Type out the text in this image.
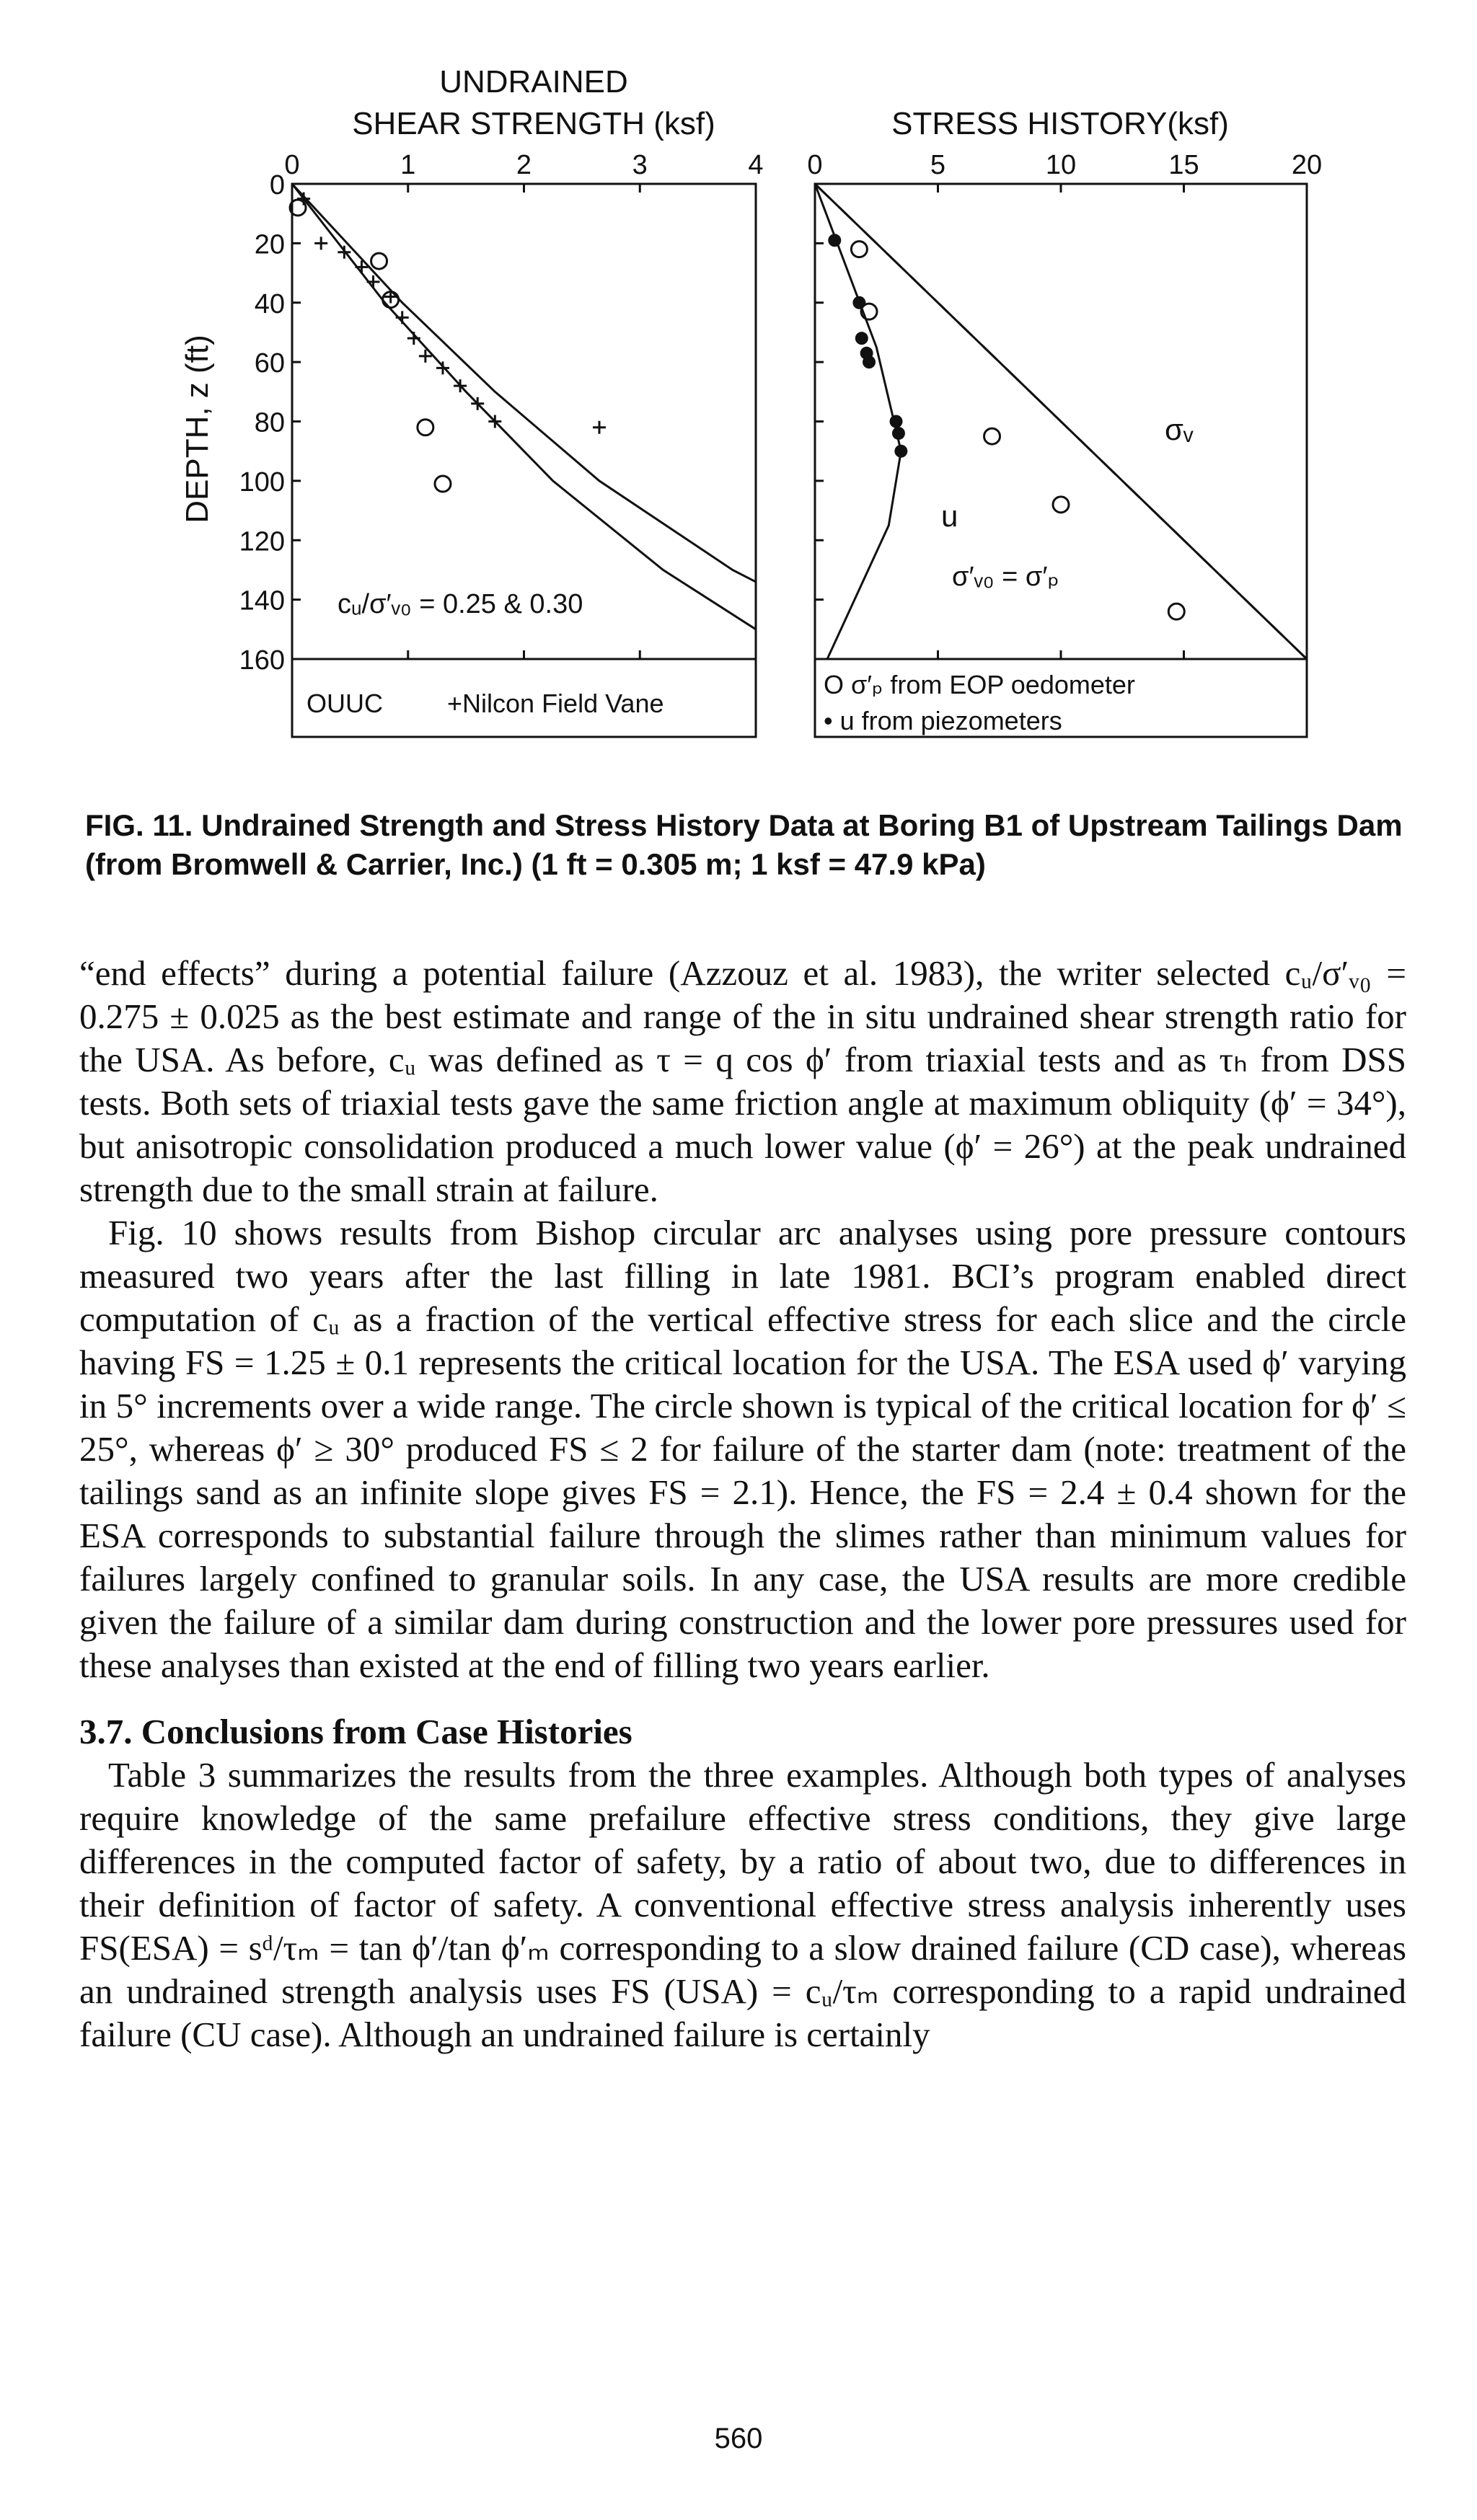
UNDRAINED
SHEAR STRENGTH (ksf)	STRESS HISTORY(ksf)
DEPTH, z (ft)
0	1	2	3	4
0
20
40
60
80
100
120
140
160
0	5	10	15	20
cᵤ/σ′ᵥ₀ = 0.25 & 0.30
OUUC +Nilcon Field Vane
σᵥ
u
σ′ᵥ₀ = σ′ₚ
O σ′ₚ from EOP oedometer
• u from piezometers
FIG. 11. Undrained Strength and Stress History Data at Boring B1 of Upstream Tailings Dam (from Bromwell & Carrier, Inc.) (1 ft = 0.305 m; 1 ksf = 47.9 kPa)

“end effects” during a potential failure (Azzouz et al. 1983), the writer selected cᵤ/σ′ᵥ₀ = 0.275 ± 0.025 as the best estimate and range of the in situ undrained shear strength ratio for the USA. As before, cᵤ was defined as τ = q cos ϕ′ from triaxial tests and as τₕ from DSS tests. Both sets of triaxial tests gave the same friction angle at maximum obliquity (ϕ′ = 34°), but anisotropic consolidation produced a much lower value (ϕ′ = 26°) at the peak undrained strength due to the small strain at failure.

Fig. 10 shows results from Bishop circular arc analyses using pore pressure contours measured two years after the last filling in late 1981. BCI’s program enabled direct computation of cᵤ as a fraction of the vertical effective stress for each slice and the circle having FS = 1.25 ± 0.1 represents the critical location for the USA. The ESA used ϕ′ varying in 5° increments over a wide range. The circle shown is typical of the critical location for ϕ′ ≤ 25°, whereas ϕ′ ≥ 30° produced FS ≤ 2 for failure of the starter dam (note: treatment of the tailings sand as an infinite slope gives FS = 2.1). Hence, the FS = 2.4 ± 0.4 shown for the ESA corresponds to substantial failure through the slimes rather than minimum values for failures largely confined to granular soils. In any case, the USA results are more credible given the failure of a similar dam during construction and the lower pore pressures used for these analyses than existed at the end of filling two years earlier.

3.7. Conclusions from Case Histories

Table 3 summarizes the results from the three examples. Although both types of analyses require knowledge of the same prefailure effective stress conditions, they give large differences in the computed factor of safety, by a ratio of about two, due to differences in their definition of factor of safety. A conventional effective stress analysis inherently uses FS(ESA) = sᵈ/τₘ = tan ϕ′/tan ϕ′ₘ corresponding to a slow drained failure (CD case), whereas an undrained strength analysis uses FS (USA) = cᵤ/τₘ corresponding to a rapid undrained failure (CU case). Although an undrained failure is certainly

560
